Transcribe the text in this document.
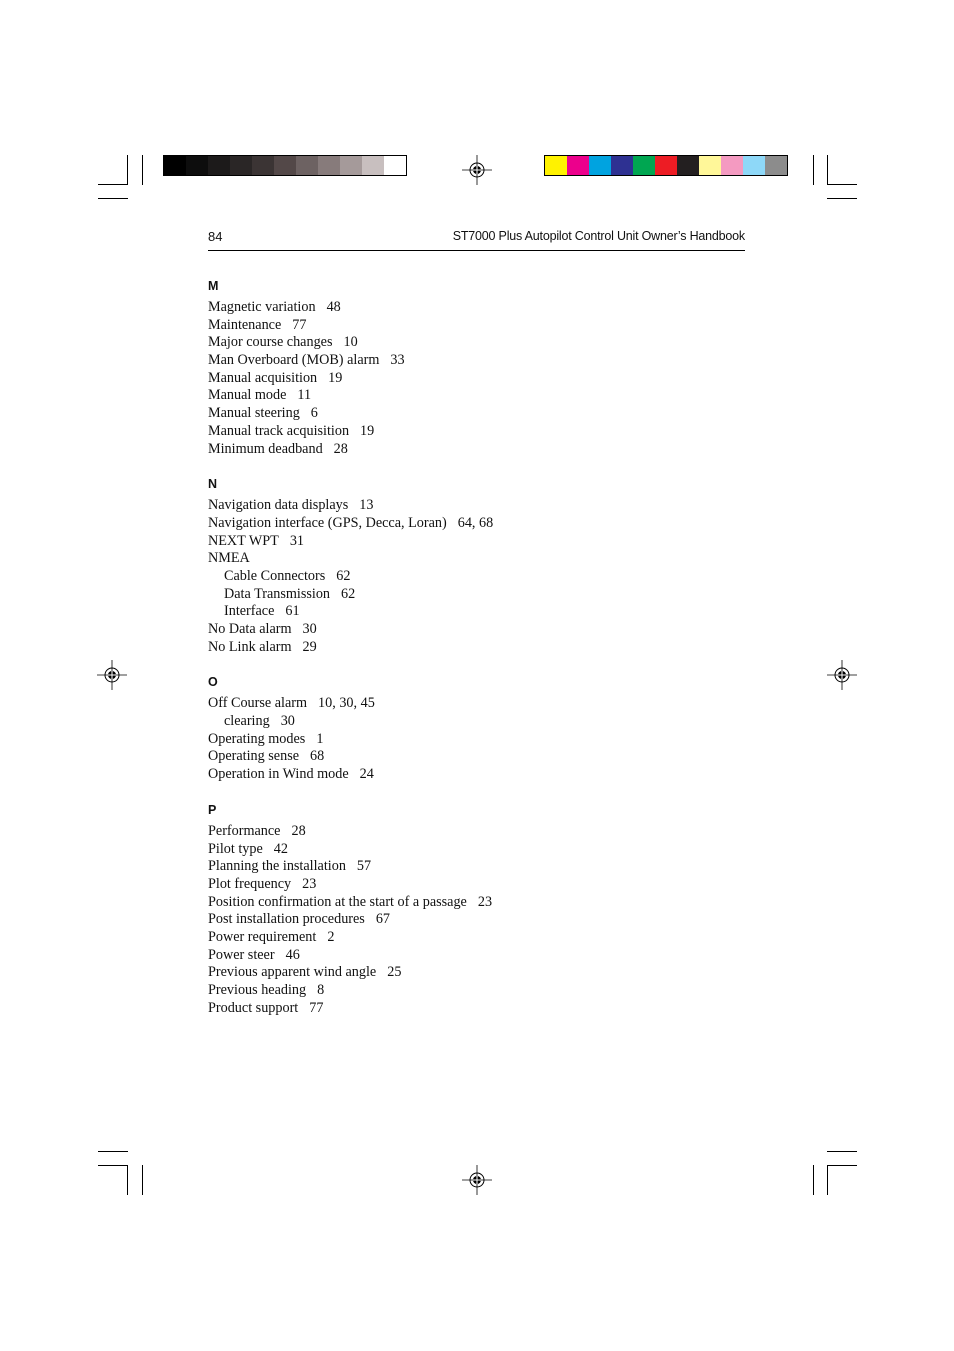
84	ST7000 Plus Autopilot Control Unit Owner’s Handbook
M
Magnetic variation 48
Maintenance 77
Major course changes 10
Man Overboard (MOB) alarm 33
Manual acquisition 19
Manual mode 11
Manual steering 6
Manual track acquisition 19
Minimum deadband 28
N
Navigation data displays 13
Navigation interface (GPS, Decca, Loran) 64, 68
NEXT WPT 31
NMEA
Cable Connectors 62
Data Transmission 62
Interface 61
No Data alarm 30
No Link alarm 29
O
Off Course alarm 10, 30, 45
clearing 30
Operating modes 1
Operating sense 68
Operation in Wind mode 24
P
Performance 28
Pilot type 42
Planning the installation 57
Plot frequency 23
Position confirmation at the start of a passage 23
Post installation procedures 67
Power requirement 2
Power steer 46
Previous apparent wind angle 25
Previous heading 8
Product support 77
